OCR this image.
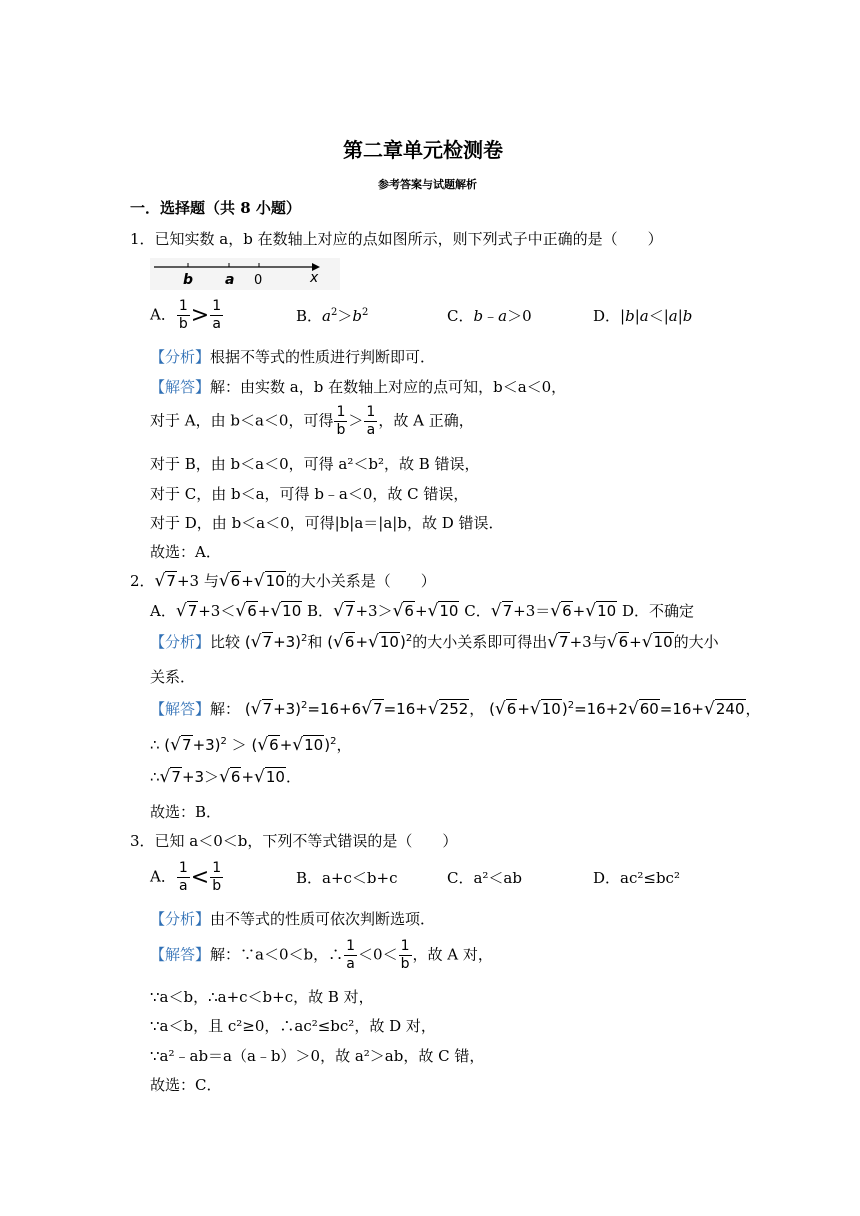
第二章单元检测卷
参考答案与试题解析
一．选择题（共 8 小题）
1．已知实数 a，b 在数轴上对应的点如图所示，则下列式子中正确的是（　　）
b a 0	x
A． $\frac{1}{b} > \frac{1}{a}$	B．$a^2>b^2$	C．b﹣a＞0	D．|b|a＜|a|b
【分析】根据不等式的性质进行判断即可．
【解答】解：由实数 a，b 在数轴上对应的点可知，b＜a＜0，
对于 A，由 b＜a＜0，可得 $\frac{1}{b} > \frac{1}{a}$ ，故 A 正确，
对于 B，由 b＜a＜0，可得 a²＜b²，故 B 错误，
对于 C，由 b＜a，可得 b﹣a＜0，故 C 错误，
对于 D，由 b＜a＜0，可得|b|a＝|a|b，故 D 错误．
故选：A．
2．√7+3 与√6+√10的大小关系是（　　）
A．√7+3＜√6+√10 B．√7+3＞√6+√10 C．√7+3＝√6+√10 D．不确定
【分析】比较 $(√7+3)^2$和 $(√6+√10)^2$的大小关系即可得出√7+3与√6+√10的大小
关系．
【解答】解： $(√7+3)^2=16+6√7=16+√252$， $(√6+√10)^2=16+2√60=16+√240$，
∴ $(√7+3)^2 > (√6+√10)^2$，
∴√7+3＞√6+√10．
故选：B．
3．已知 a＜0＜b，下列不等式错误的是（　　）
A． $\frac{1}{a} < \frac{1}{b}$	B．a+c＜b+c	C．a²＜ab	D．ac²≤bc²
【分析】由不等式的性质可依次判断选项．
【解答】解：∵a＜0＜b，∴ $\frac{1}{a} <0< \frac{1}{b}$ ，故 A 对，
∵a＜b，∴a+c＜b+c，故 B 对，
∵a＜b，且 c²≥0，∴ac²≤bc²，故 D 对，
∵a²﹣ab＝a（a﹣b）＞0，故 a²＞ab，故 C 错，
故选：C．
